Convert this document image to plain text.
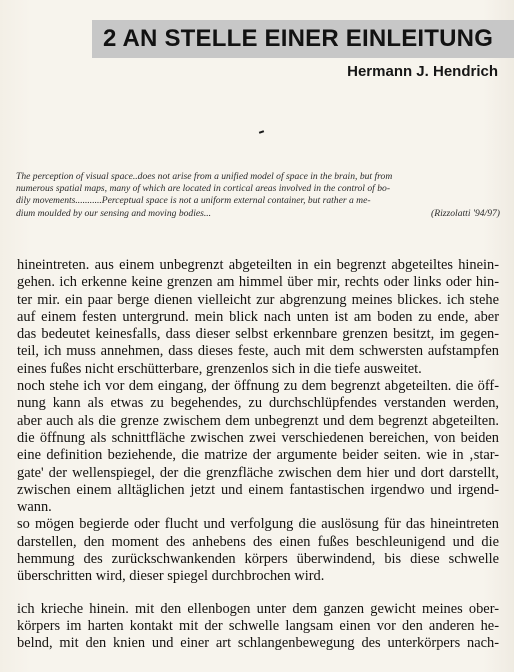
2 AN STELLE EINER EINLEITUNG
Hermann J. Hendrich
The perception of visual space..does not arise from a unified model of space in the brain, but from
numerous spatial maps, many of which are located in cortical areas involved in the control of bo-
dily movements...........Perceptual space is not a uniform external container, but rather a me-
dium moulded by our sensing and moving bodies...	(Rizzolatti '94/97)
hineintreten. aus einem unbegrenzt abgeteilten in ein begrenzt abgeteiltes hinein-
gehen. ich erkenne keine grenzen am himmel über mir, rechts oder links oder hin-
ter mir. ein paar berge dienen vielleicht zur abgrenzung meines blickes. ich stehe
auf einem festen untergrund. mein blick nach unten ist am boden zu ende, aber
das bedeutet keinesfalls, dass dieser selbst erkennbare grenzen besitzt, im gegen-
teil, ich muss annehmen, dass dieses feste, auch mit dem schwersten aufstampfen
eines fußes nicht erschütterbare, grenzenlos sich in die tiefe ausweitet.
noch stehe ich vor dem eingang, der öffnung zu dem begrenzt abgeteilten. die öff-
nung kann als etwas zu begehendes, zu durchschlüpfendes verstanden werden,
aber auch als die grenze zwischem dem unbegrenzt und dem begrenzt abgeteilten.
die öffnung als schnittfläche zwischen zwei verschiedenen bereichen, von beiden
eine definition beziehende, die matrize der argumente beider seiten. wie in ‚star-
gate' der wellenspiegel, der die grenzfläche zwischen dem hier und dort darstellt,
zwischen einem alltäglichen jetzt und einem fantastischen irgendwo und irgend-
wann.
so mögen begierde oder flucht und verfolgung die auslösung für das hineintreten
darstellen, den moment des anhebens des einen fußes beschleunigend und die
hemmung des zurückschwankenden körpers überwindend, bis diese schwelle
überschritten wird, dieser spiegel durchbrochen wird.
ich krieche hinein. mit den ellenbogen unter dem ganzen gewicht meines ober-
körpers im harten kontakt mit der schwelle langsam einen vor den anderen he-
belnd, mit den knien und einer art schlangenbewegung des unterkörpers nach-
